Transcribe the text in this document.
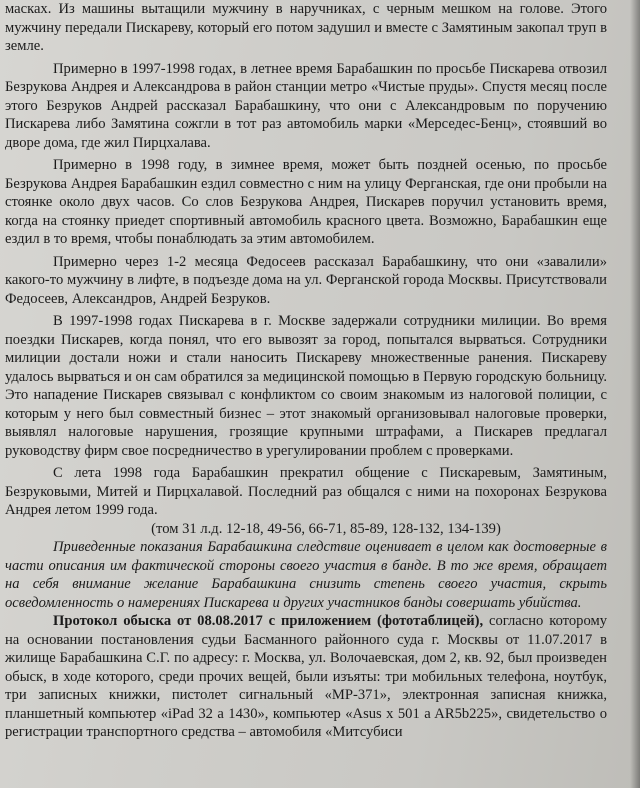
масках. Из машины вытащили мужчину в наручниках, с черным мешком на голове. Этого мужчину передали Пискареву, который его потом задушил и вместе с Замятиным закопал труп в земле.

Примерно в 1997-1998 годах, в летнее время Барабашкин по просьбе Пискарева отвозил Безрукова Андрея и Александрова в район станции метро «Чистые пруды». Спустя месяц после этого Безруков Андрей рассказал Барабашкину, что они с Александровым по поручению Пискарева либо Замятина сожгли в тот раз автомобиль марки «Мерседес-Бенц», стоявший во дворе дома, где жил Пирцхалава.

Примерно в 1998 году, в зимнее время, может быть поздней осенью, по просьбе Безрукова Андрея Барабашкин ездил совместно с ним на улицу Ферганская, где они пробыли на стоянке около двух часов. Со слов Безрукова Андрея, Пискарев поручил установить время, когда на стоянку приедет спортивный автомобиль красного цвета. Возможно, Барабашкин еще ездил в то время, чтобы понаблюдать за этим автомобилем.

Примерно через 1-2 месяца Федосеев рассказал Барабашкину, что они «завалили» какого-то мужчину в лифте, в подъезде дома на ул. Ферганской города Москвы. Присутствовали Федосеев, Александров, Андрей Безруков.

В 1997-1998 годах Пискарева в г. Москве задержали сотрудники милиции. Во время поездки Пискарев, когда понял, что его вывозят за город, попытался вырваться. Сотрудники милиции достали ножи и стали наносить Пискареву множественные ранения. Пискареву удалось вырваться и он сам обратился за медицинской помощью в Первую городскую больницу. Это нападение Пискарев связывал с конфликтом со своим знакомым из налоговой полиции, с которым у него был совместный бизнес – этот знакомый организовывал налоговые проверки, выявлял налоговые нарушения, грозящие крупными штрафами, а Пискарев предлагал руководству фирм свое посредничество в урегулировании проблем с проверками.

С лета 1998 года Барабашкин прекратил общение с Пискаревым, Замятиным, Безруковыми, Митей и Пирцхалавой. Последний раз общался с ними на похоронах Безрукова Андрея летом 1999 года.

(том 31 л.д. 12-18, 49-56, 66-71, 85-89, 128-132, 134-139)

Приведенные показания Барабашкина следствие оценивает в целом как достоверные в части описания им фактической стороны своего участия в банде. В то же время, обращает на себя внимание желание Барабашкина снизить степень своего участия, скрыть осведомленность о намерениях Пискарева и других участников банды совершать убийства.

Протокол обыска от 08.08.2017 с приложением (фототаблицей), согласно которому на основании постановления судьи Басманного районного суда г. Москвы от 11.07.2017 в жилище Барабашкина С.Г. по адресу: г. Москва, ул. Волочаевская, дом 2, кв. 92, был произведен обыск, в ходе которого, среди прочих вещей, были изъяты: три мобильных телефона, ноутбук, три записных книжки, пистолет сигнальный «МР-371», электронная записная книжка, планшетный компьютер «iPad 32 a 1430», компьютер «Asus x 501 a AR5b225», свидетельство о регистрации транспортного средства – автомобиля «Митсубиси
